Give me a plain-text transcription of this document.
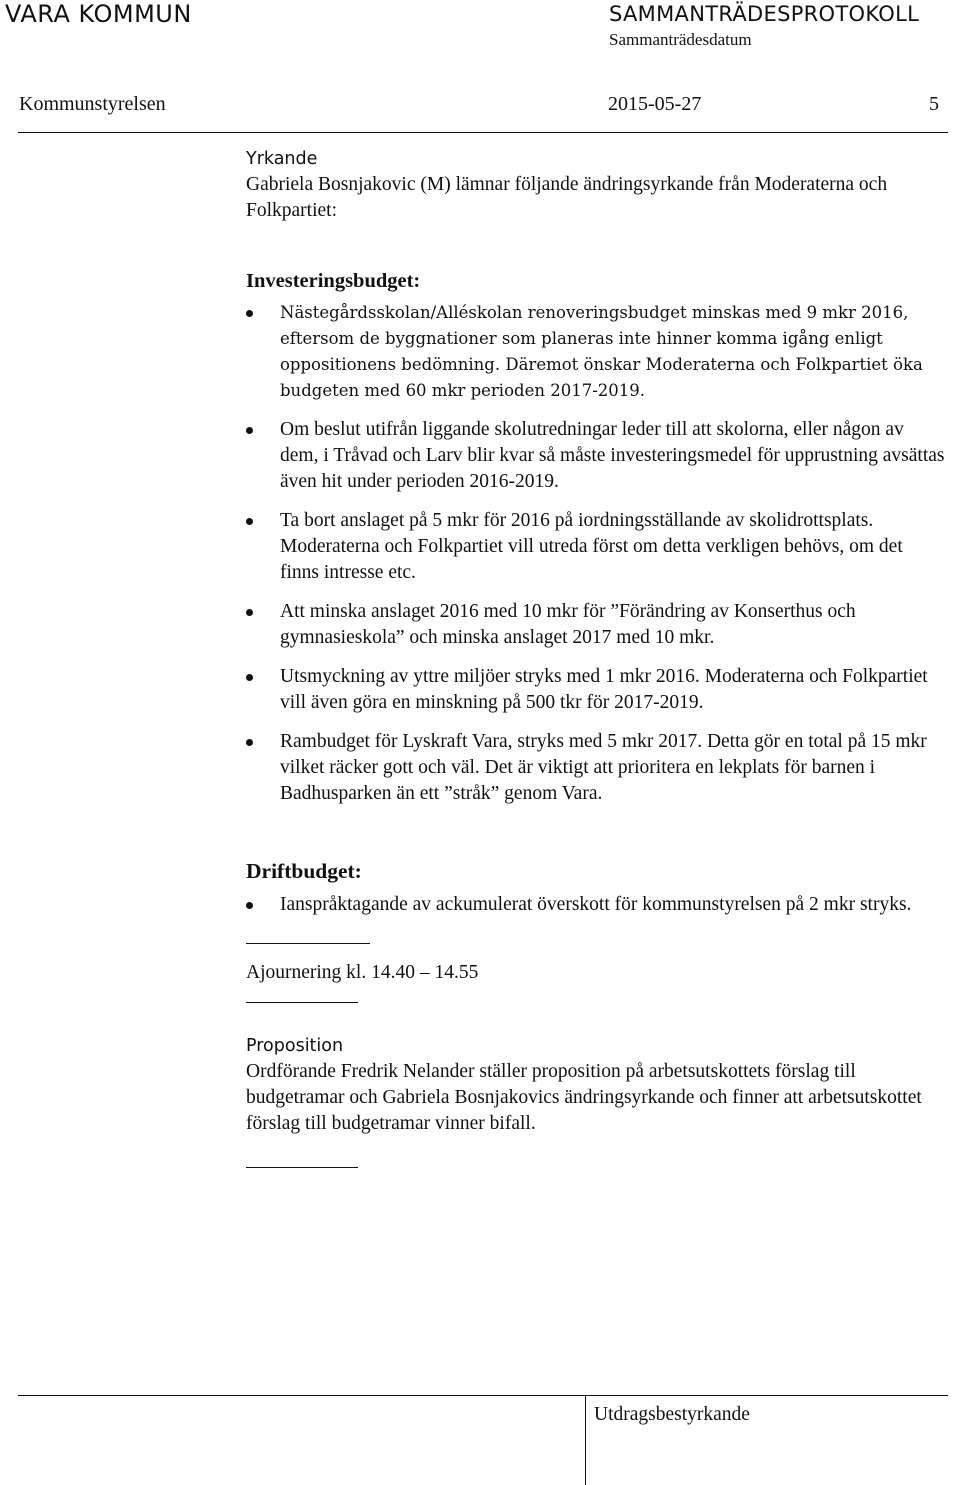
VARA KOMMUN	SAMMANTRÄDESPROTOKOLL
Sammanträdesdatum
Kommunstyrelsen	2015-05-27	5
Yrkande

Gabriela Bosnjakovic (M) lämnar följande ändringsyrkande från Moderaterna och Folkpartiet:

Investeringsbudget:

Nästegårdsskolan/Alléskolan renoveringsbudget minskas med 9 mkr 2016, eftersom de byggnationer som planeras inte hinner komma igång enligt oppositionens bedömning. Däremot önskar Moderaterna och Folkpartiet öka budgeten med 60 mkr perioden 2017-2019.
Om beslut utifrån liggande skolutredningar leder till att skolorna, eller någon av dem, i Tråvad och Larv blir kvar så måste investeringsmedel för upprustning avsättas även hit under perioden 2016-2019.
Ta bort anslaget på 5 mkr för 2016 på iordningsställande av skolidrottsplats. Moderaterna och Folkpartiet vill utreda först om detta verkligen behövs, om det finns intresse etc.
Att minska anslaget 2016 med 10 mkr för ”Förändring av Konserthus och gymnasieskola” och minska anslaget 2017 med 10 mkr.
Utsmyckning av yttre miljöer stryks med 1 mkr 2016. Moderaterna och Folkpartiet vill även göra en minskning på 500 tkr för 2017-2019.
Rambudget för Lyskraft Vara, stryks med 5 mkr 2017. Detta gör en total på 15 mkr vilket räcker gott och väl. Det är viktigt att prioritera en lekplats för barnen i Badhusparken än ett ”stråk” genom Vara.

Driftbudget:

Ianspråktagande av ackumulerat överskott för kommunstyrelsen på 2 mkr stryks.

Ajournering kl. 14.40 – 14.55

Proposition

Ordförande Fredrik Nelander ställer proposition på arbetsutskottets förslag till budgetramar och Gabriela Bosnjakovics ändringsyrkande och finner att arbetsutskottet förslag till budgetramar vinner bifall.

Utdragsbestyrkande
